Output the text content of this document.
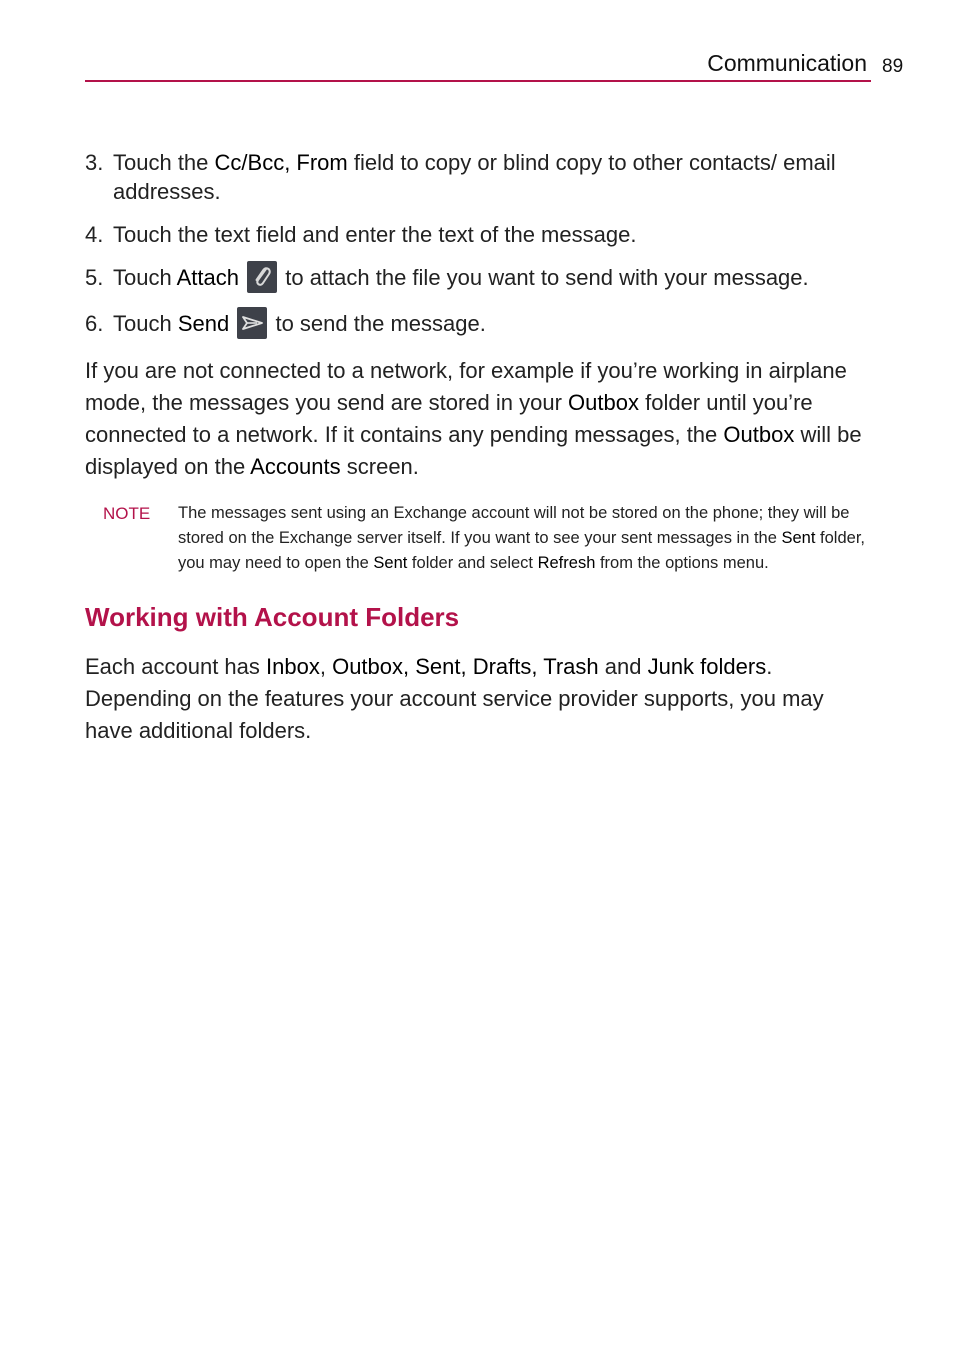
Communication 89
3. Touch the Cc/Bcc, From field to copy or blind copy to other contacts/ email addresses.
4. Touch the text field and enter the text of the message.
5. Touch Attach
to attach the file you want to send with your message.
6. Touch Send
to send the message.

If you are not connected to a network, for example if you’re working in airplane mode, the messages you send are stored in your Outbox folder until you’re connected to a network. If it contains any pending messages, the Outbox will be displayed on the Accounts screen.

NOTE The messages sent using an Exchange account will not be stored on the phone; they will be stored on the Exchange server itself. If you want to see your sent messages in the Sent folder, you may need to open the Sent folder and select Refresh from the options menu.
Working with Account Folders

Each account has Inbox, Outbox, Sent, Drafts, Trash and Junk folders. Depending on the features your account service provider supports, you may have additional folders.
